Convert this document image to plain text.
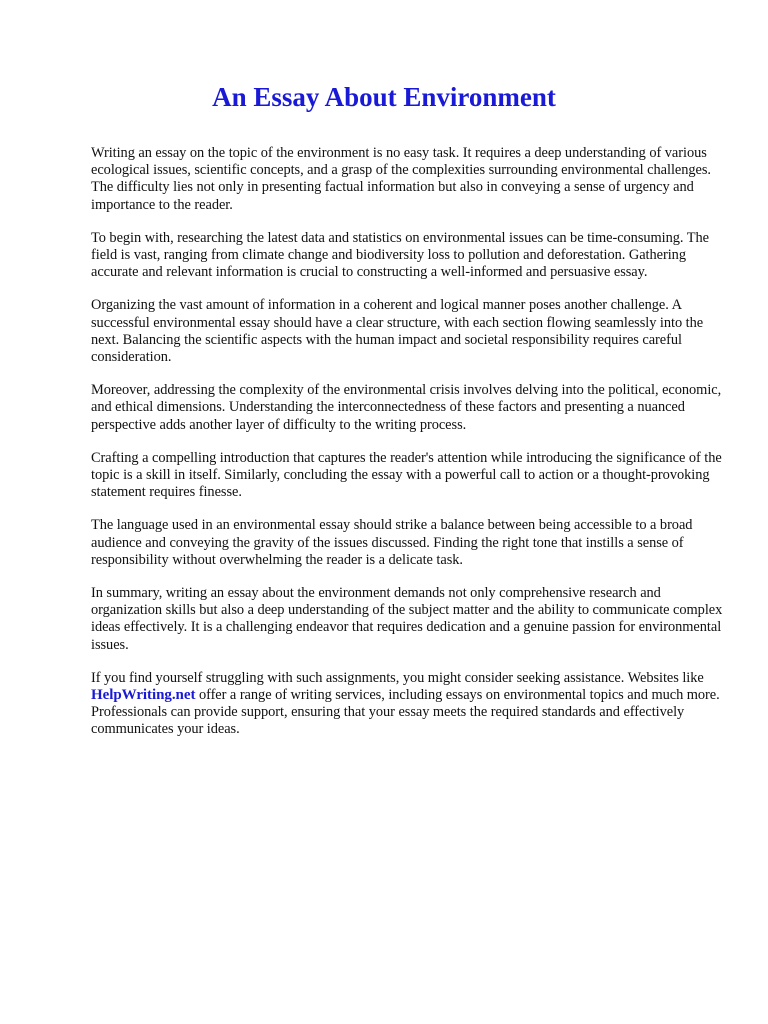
An Essay About Environment

Writing an essay on the topic of the environment is no easy task. It requires a deep understanding of various ecological issues, scientific concepts, and a grasp of the complexities surrounding environmental challenges. The difficulty lies not only in presenting factual information but also in conveying a sense of urgency and importance to the reader.

To begin with, researching the latest data and statistics on environmental issues can be time-consuming. The field is vast, ranging from climate change and biodiversity loss to pollution and deforestation. Gathering accurate and relevant information is crucial to constructing a well-informed and persuasive essay.

Organizing the vast amount of information in a coherent and logical manner poses another challenge. A successful environmental essay should have a clear structure, with each section flowing seamlessly into the next. Balancing the scientific aspects with the human impact and societal responsibility requires careful consideration.

Moreover, addressing the complexity of the environmental crisis involves delving into the political, economic, and ethical dimensions. Understanding the interconnectedness of these factors and presenting a nuanced perspective adds another layer of difficulty to the writing process.

Crafting a compelling introduction that captures the reader's attention while introducing the significance of the topic is a skill in itself. Similarly, concluding the essay with a powerful call to action or a thought-provoking statement requires finesse.

The language used in an environmental essay should strike a balance between being accessible to a broad audience and conveying the gravity of the issues discussed. Finding the right tone that instills a sense of responsibility without overwhelming the reader is a delicate task.

In summary, writing an essay about the environment demands not only comprehensive research and organization skills but also a deep understanding of the subject matter and the ability to communicate complex ideas effectively. It is a challenging endeavor that requires dedication and a genuine passion for environmental issues.

If you find yourself struggling with such assignments, you might consider seeking assistance. Websites like HelpWriting.net offer a range of writing services, including essays on environmental topics and much more. Professionals can provide support, ensuring that your essay meets the required standards and effectively communicates your ideas.
